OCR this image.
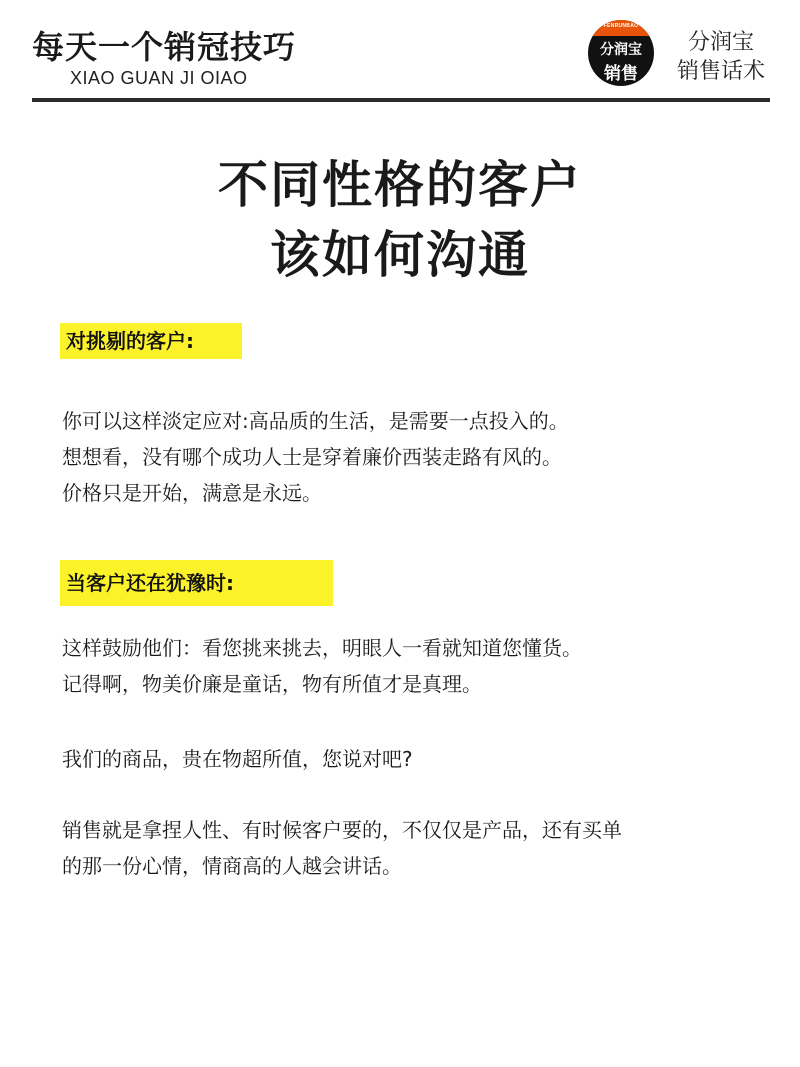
每天一个销冠技巧
XIAO GUAN JI OIAO
FENRUNBAO
分润宝
销售
分润宝
销售话术
不同性格的客户
该如何沟通
对挑剔的客户:
你可以这样淡定应对:高品质的生活，是需要一点投入的。
想想看，没有哪个成功人士是穿着廉价西装走路有风的。
价格只是开始，满意是永远。
当客户还在犹豫时:
这样鼓励他们：看您挑来挑去，明眼人一看就知道您懂货。
记得啊，物美价廉是童话，物有所值才是真理。
我们的商品，贵在物超所值，您说对吧?
销售就是拿捏人性、有时候客户要的，不仅仅是产品，还有买单
的那一份心情，情商高的人越会讲话。
